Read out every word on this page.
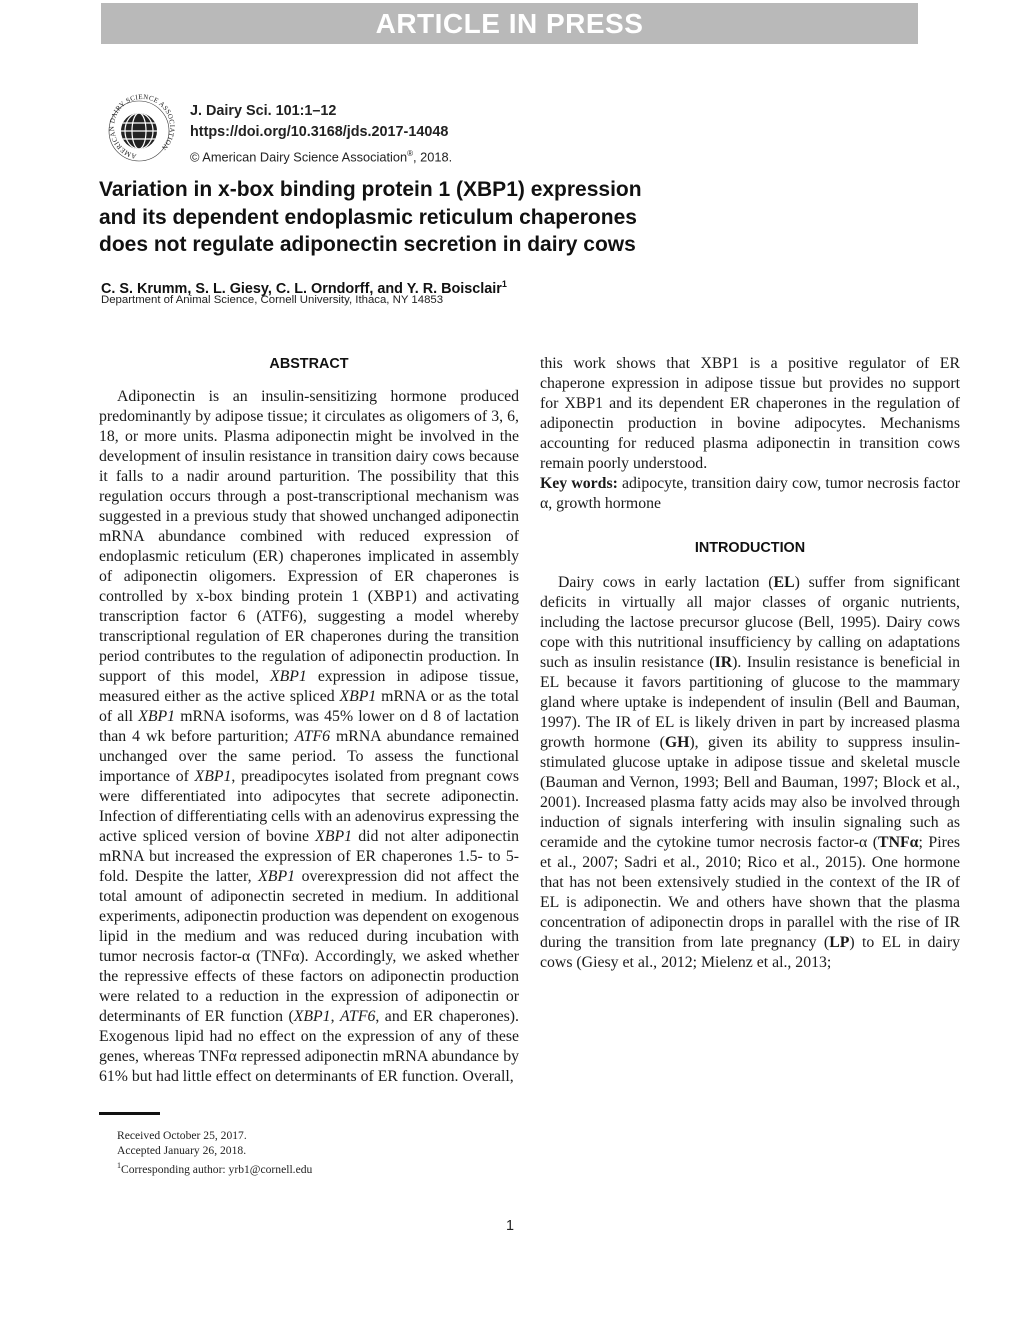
ARTICLE IN PRESS
AMERICAN DAIRY SCIENCE ASSOCIATION
J. Dairy Sci. 101:1–12
https://doi.org/10.3168/jds.2017-14048
© American Dairy Science Association®, 2018.
Variation in x-box binding protein 1 (XBP1) expression
and its dependent endoplasmic reticulum chaperones
does not regulate adiponectin secretion in dairy cows
C. S. Krumm, S. L. Giesy, C. L. Orndorff, and Y. R. Boisclair$^1$
Department of Animal Science, Cornell University, Ithaca, NY 14853
ABSTRACT

Adiponectin is an insulin-sensitizing hormone produced predominantly by adipose tissue; it circulates as oligomers of 3, 6, 18, or more units. Plasma adiponectin might be involved in the development of insulin resistance in transition dairy cows because it falls to a nadir around parturition. The possibility that this regulation occurs through a post-transcriptional mechanism was suggested in a previous study that showed unchanged adiponectin mRNA abundance combined with reduced expression of endoplasmic reticulum (ER) chaperones implicated in assembly of adiponectin oligomers. Expression of ER chaperones is controlled by x-box binding protein 1 (XBP1) and activating transcription factor 6 (ATF6), suggesting a model whereby transcriptional regulation of ER chaperones during the transition period contributes to the regulation of adiponectin production. In support of this model, XBP1 expression in adipose tissue, measured either as the active spliced XBP1 mRNA or as the total of all XBP1 mRNA isoforms, was 45% lower on d 8 of lactation than 4 wk before parturition; ATF6 mRNA abundance remained unchanged over the same period. To assess the functional importance of XBP1, preadipocytes isolated from pregnant cows were differentiated into adipocytes that secrete adiponectin. Infection of differentiating cells with an adenovirus expressing the active spliced version of bovine XBP1 did not alter adiponectin mRNA but increased the expression of ER chaperones 1.5- to 5-fold. Despite the latter, XBP1 overexpression did not affect the total amount of adiponectin secreted in medium. In additional experiments, adiponectin production was dependent on exogenous lipid in the medium and was reduced during incubation with tumor necrosis factor-α (TNFα). Accordingly, we asked whether the repressive effects of these factors on adiponectin production were related to a reduction in the expression of adiponectin or determinants of ER function (XBP1, ATF6, and ER chaperones). Exogenous lipid had no effect on the expression of any of these genes, whereas TNFα repressed adiponectin mRNA abundance by 61% but had little effect on determinants of ER function. Overall,

this work shows that XBP1 is a positive regulator of ER chaperone expression in adipose tissue but provides no support for XBP1 and its dependent ER chaperones in the regulation of adiponectin production in bovine adipocytes. Mechanisms accounting for reduced plasma adiponectin in transition cows remain poorly understood.

Key words: adipocyte, transition dairy cow, tumor necrosis factor α, growth hormone

INTRODUCTION

Dairy cows in early lactation (EL) suffer from significant deficits in virtually all major classes of organic nutrients, including the lactose precursor glucose (Bell, 1995). Dairy cows cope with this nutritional insufficiency by calling on adaptations such as insulin resistance (IR). Insulin resistance is beneficial in EL because it favors partitioning of glucose to the mammary gland where uptake is independent of insulin (Bell and Bauman, 1997). The IR of EL is likely driven in part by increased plasma growth hormone (GH), given its ability to suppress insulin-stimulated glucose uptake in adipose tissue and skeletal muscle (Bauman and Vernon, 1993; Bell and Bauman, 1997; Block et al., 2001). Increased plasma fatty acids may also be involved through induction of signals interfering with insulin signaling such as ceramide and the cytokine tumor necrosis factor-α (TNFα; Pires et al., 2007; Sadri et al., 2010; Rico et al., 2015). One hormone that has not been extensively studied in the context of the IR of EL is adiponectin. We and others have shown that the plasma concentration of adiponectin drops in parallel with the rise of IR during the transition from late pregnancy (LP) to EL in dairy cows (Giesy et al., 2012; Mielenz et al., 2013;

Received October 25, 2017.
Accepted January 26, 2018.
$^1$Corresponding author: yrb1@cornell.edu
1
